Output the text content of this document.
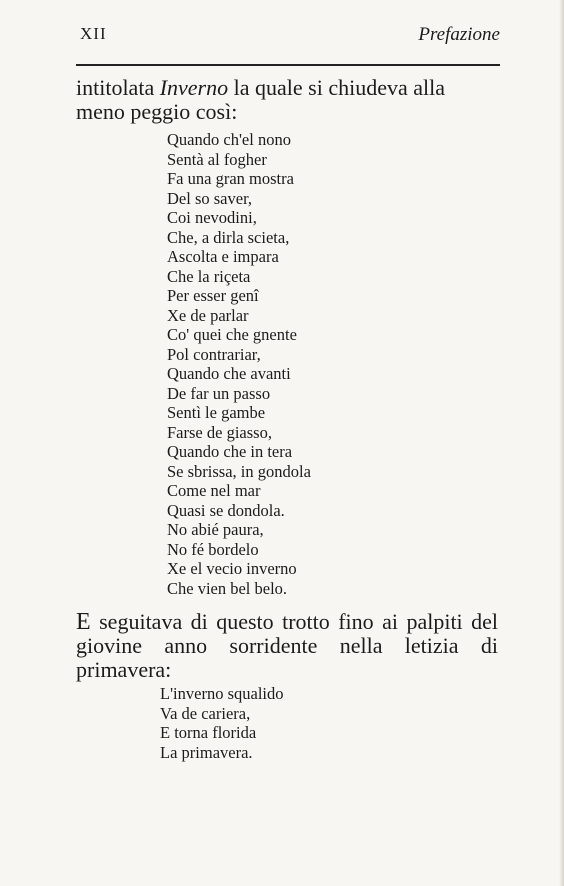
XII	Prefazione

intitolata Inverno la quale si chiudeva alla meno peggio così:

Quando ch'el nono
Sentà al fogher
Fa una gran mostra
Del so saver,
Coi nevodini,
Che, a dirla scieta,
Ascolta e impara
Che la riçeta
Per esser genî
Xe de parlar
Co' quei che gnente
Pol contrariar,
Quando che avanti
De far un passo
Sentì le gambe
Farse de giasso,
Quando che in tera
Se sbrissa, in gondola
Come nel mar
Quasi se dondola.
No abié paura,
No fé bordelo
Xe el vecio inverno
Che vien bel belo.

E seguitava di questo trotto fino ai palpiti del giovine anno sorridente nella letizia di primavera:

L'inverno squalido
Va de cariera,
E torna florida
La primavera.
